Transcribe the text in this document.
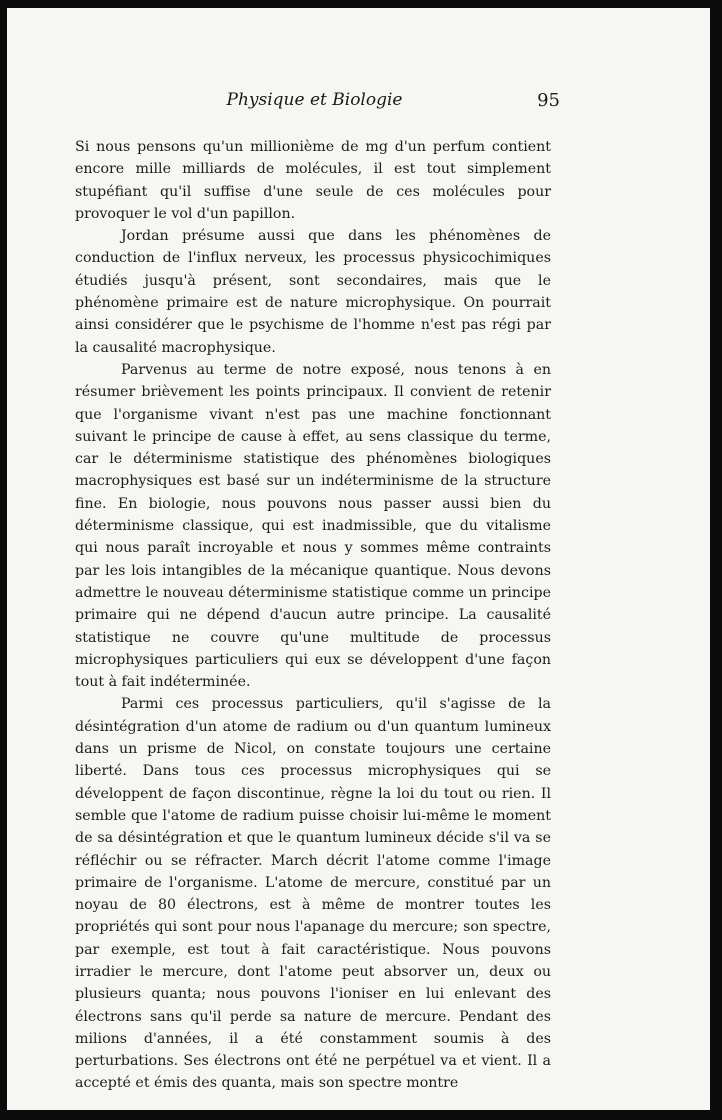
Physique et Biologie	95

Si nous pensons qu'un millionième de mg d'un perfum contient encore mille milliards de molécules, il est tout simplement stupéfiant qu'il suffise d'une seule de ces molécules pour provoquer le vol d'un papillon.

Jordan présume aussi que dans les phénomènes de conduction de l'influx nerveux, les processus physicochimiques étudiés jusqu'à présent, sont secondaires, mais que le phénomène primaire est de nature microphysique. On pourrait ainsi considérer que le psychisme de l'homme n'est pas régi par la causalité macrophysique.

Parvenus au terme de notre exposé, nous tenons à en résumer brièvement les points principaux. Il convient de retenir que l'organisme vivant n'est pas une machine fonctionnant suivant le principe de cause à effet, au sens classique du terme, car le déterminisme statistique des phénomènes biologiques macrophysiques est basé sur un indéterminisme de la structure fine. En biologie, nous pouvons nous passer aussi bien du déterminisme classique, qui est inadmissible, que du vitalisme qui nous paraît incroyable et nous y sommes même contraints par les lois intangibles de la mécanique quantique. Nous devons admettre le nouveau déterminisme statistique comme un principe primaire qui ne dépend d'aucun autre principe. La causalité statistique ne couvre qu'une multitude de processus microphysiques particuliers qui eux se développent d'une façon tout à fait indéterminée.

Parmi ces processus particuliers, qu'il s'agisse de la désintégration d'un atome de radium ou d'un quantum lumineux dans un prisme de Nicol, on constate toujours une certaine liberté. Dans tous ces processus microphysiques qui se développent de façon discontinue, règne la loi du tout ou rien. Il semble que l'atome de radium puisse choisir lui-même le moment de sa désintégration et que le quantum lumineux décide s'il va se réfléchir ou se réfracter. March décrit l'atome comme l'image primaire de l'organisme. L'atome de mercure, constitué par un noyau de 80 électrons, est à même de montrer toutes les propriétés qui sont pour nous l'apanage du mercure; son spectre, par exemple, est tout à fait caractéristique. Nous pouvons irradier le mercure, dont l'atome peut absorver un, deux ou plusieurs quanta; nous pouvons l'ioniser en lui enlevant des électrons sans qu'il perde sa nature de mercure. Pendant des milions d'années, il a été constamment soumis à des perturbations. Ses électrons ont été ne perpétuel va et vient. Il a accepté et émis des quanta, mais son spectre montre
